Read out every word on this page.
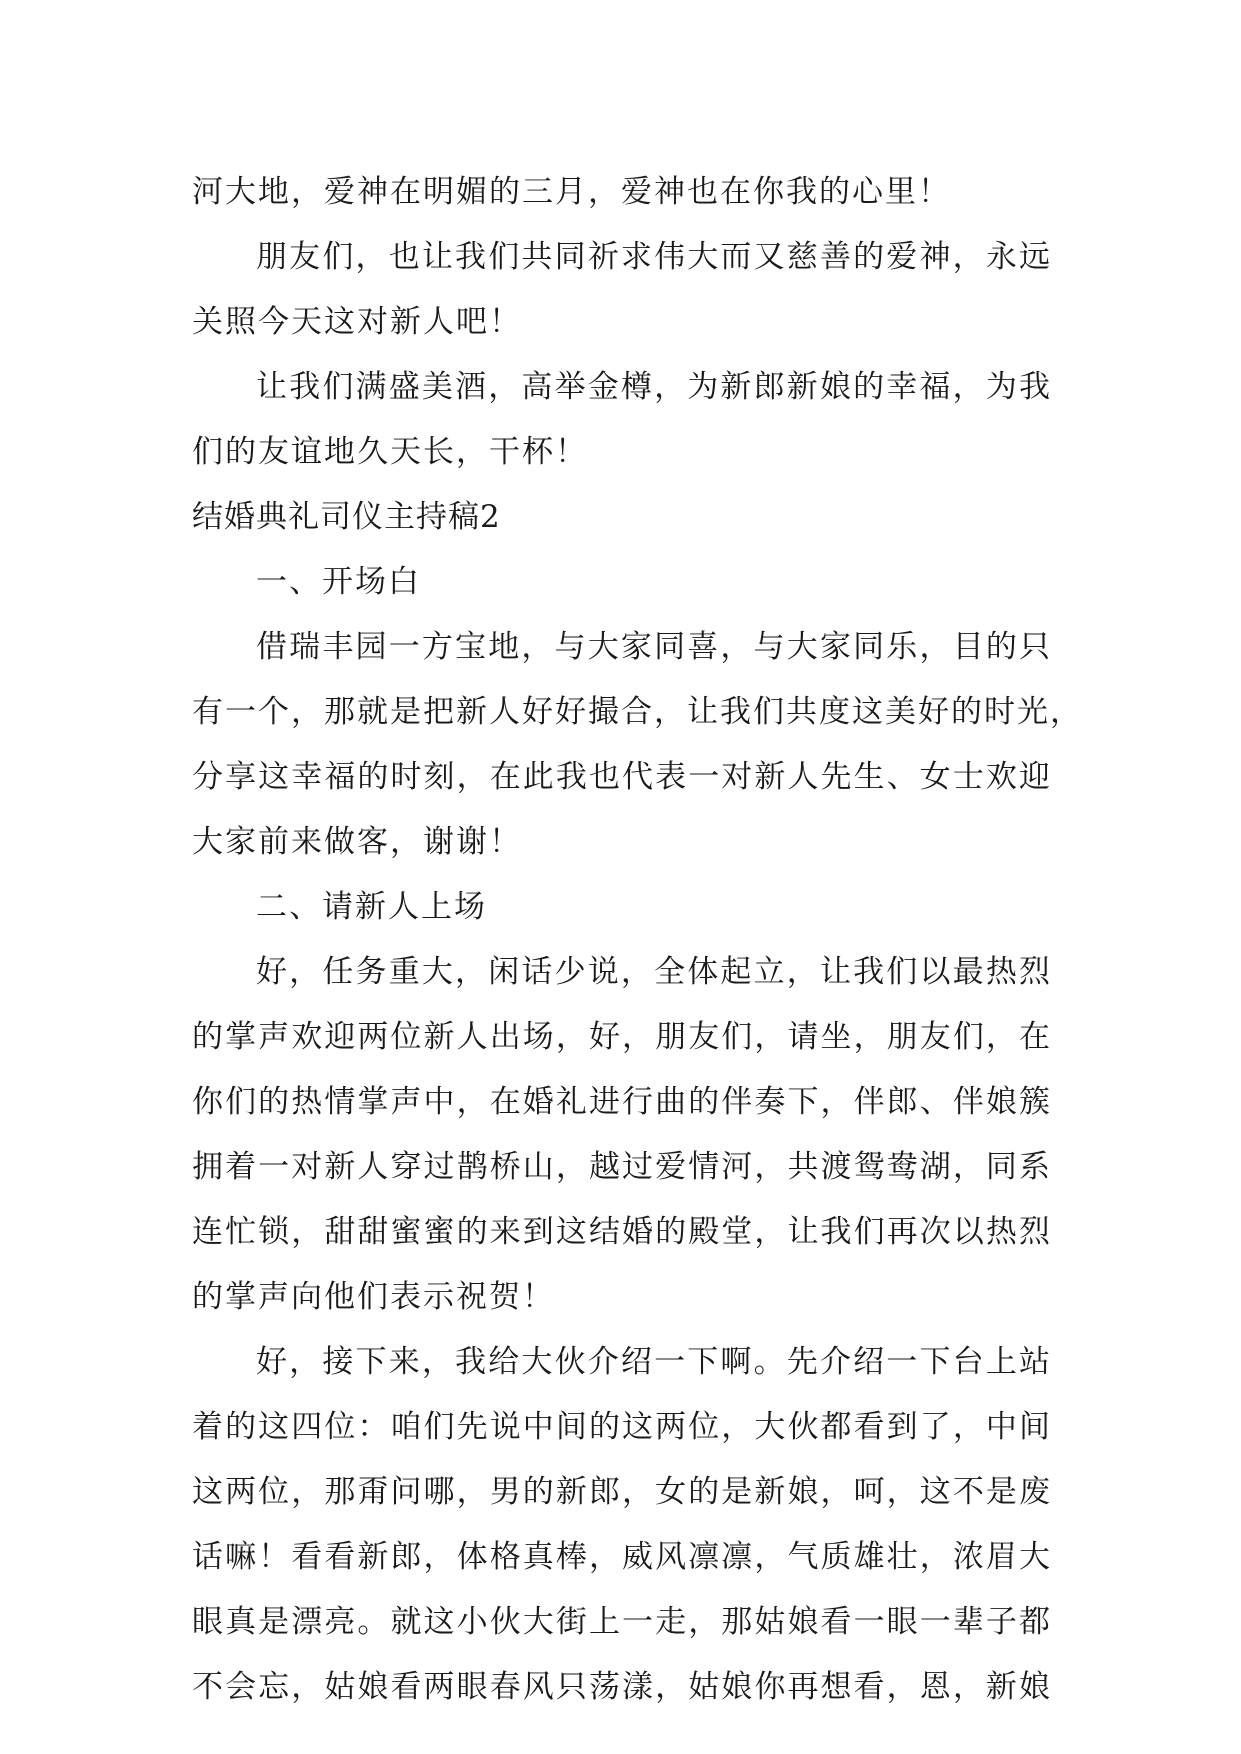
河大地，爱神在明媚的三月，爱神也在你我的心里！
朋友们，也让我们共同祈求伟大而又慈善的爱神，永远
关照今天这对新人吧！
让我们满盛美酒，高举金樽，为新郎新娘的幸福，为我
们的友谊地久天长，干杯！
结婚典礼司仪主持稿2
一、开场白
借瑞丰园一方宝地，与大家同喜，与大家同乐，目的只
有一个，那就是把新人好好撮合，让我们共度这美好的时光，
分享这幸福的时刻，在此我也代表一对新人先生、女士欢迎
大家前来做客，谢谢！
二、请新人上场
好，任务重大，闲话少说，全体起立，让我们以最热烈
的掌声欢迎两位新人出场，好，朋友们，请坐，朋友们，在
你们的热情掌声中，在婚礼进行曲的伴奏下，伴郎、伴娘簇
拥着一对新人穿过鹊桥山，越过爱情河，共渡鸳鸯湖，同系
连忙锁，甜甜蜜蜜的来到这结婚的殿堂，让我们再次以热烈
的掌声向他们表示祝贺！
好，接下来，我给大伙介绍一下啊。先介绍一下台上站
着的这四位：咱们先说中间的这两位，大伙都看到了，中间
这两位，那甭问哪，男的新郎，女的是新娘，呵，这不是废
话嘛！看看新郎，体格真棒，威风凛凛，气质雄壮，浓眉大
眼真是漂亮。就这小伙大街上一走，那姑娘看一眼一辈子都
不会忘，姑娘看两眼春风只荡漾，姑娘你再想看，恩，新娘
